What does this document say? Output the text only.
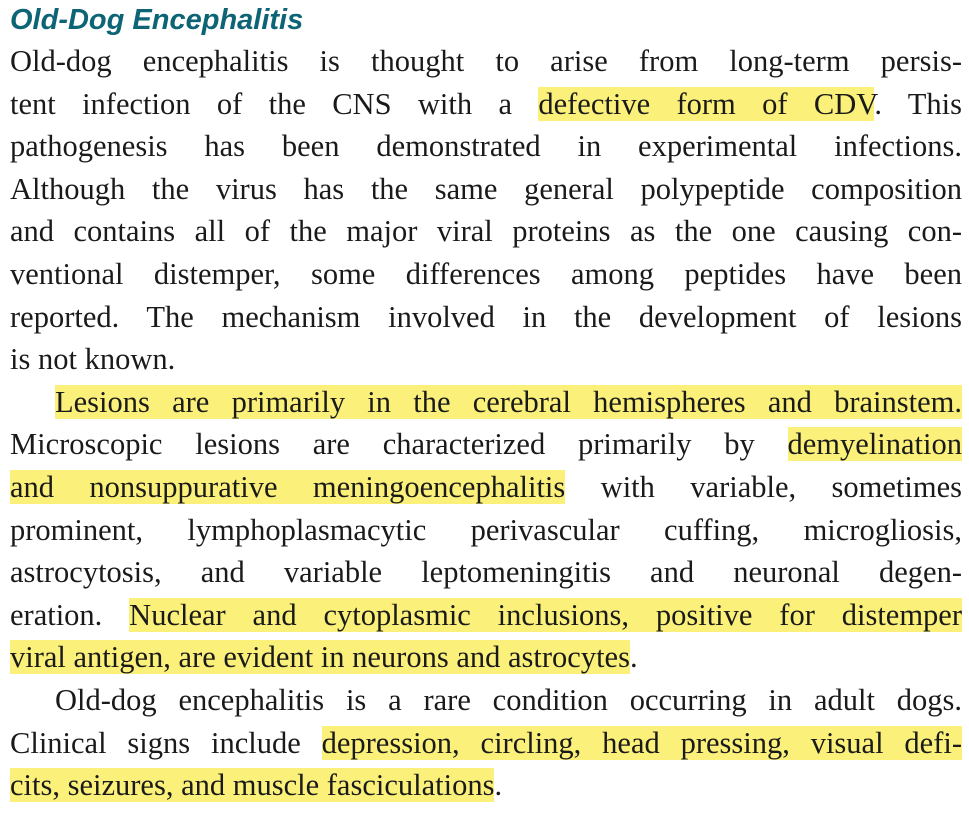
Old-Dog Encephalitis
Old-dog encephalitis is thought to arise from long-term persis-
tent infection of the CNS with a defective form of CDV. This
pathogenesis has been demonstrated in experimental infections.
Although the virus has the same general polypeptide composition
and contains all of the major viral proteins as the one causing con-
ventional distemper, some differences among peptides have been
reported. The mechanism involved in the development of lesions
is not known.
Lesions are primarily in the cerebral hemispheres and brainstem.
Microscopic lesions are characterized primarily by demyelination
and nonsuppurative meningoencephalitis with variable, sometimes
prominent, lymphoplasmacytic perivascular cuffing, microgliosis,
astrocytosis, and variable leptomeningitis and neuronal degen-
eration. Nuclear and cytoplasmic inclusions, positive for distemper
viral antigen, are evident in neurons and astrocytes.
Old-dog encephalitis is a rare condition occurring in adult dogs.
Clinical signs include depression, circling, head pressing, visual defi-
cits, seizures, and muscle fasciculations.
